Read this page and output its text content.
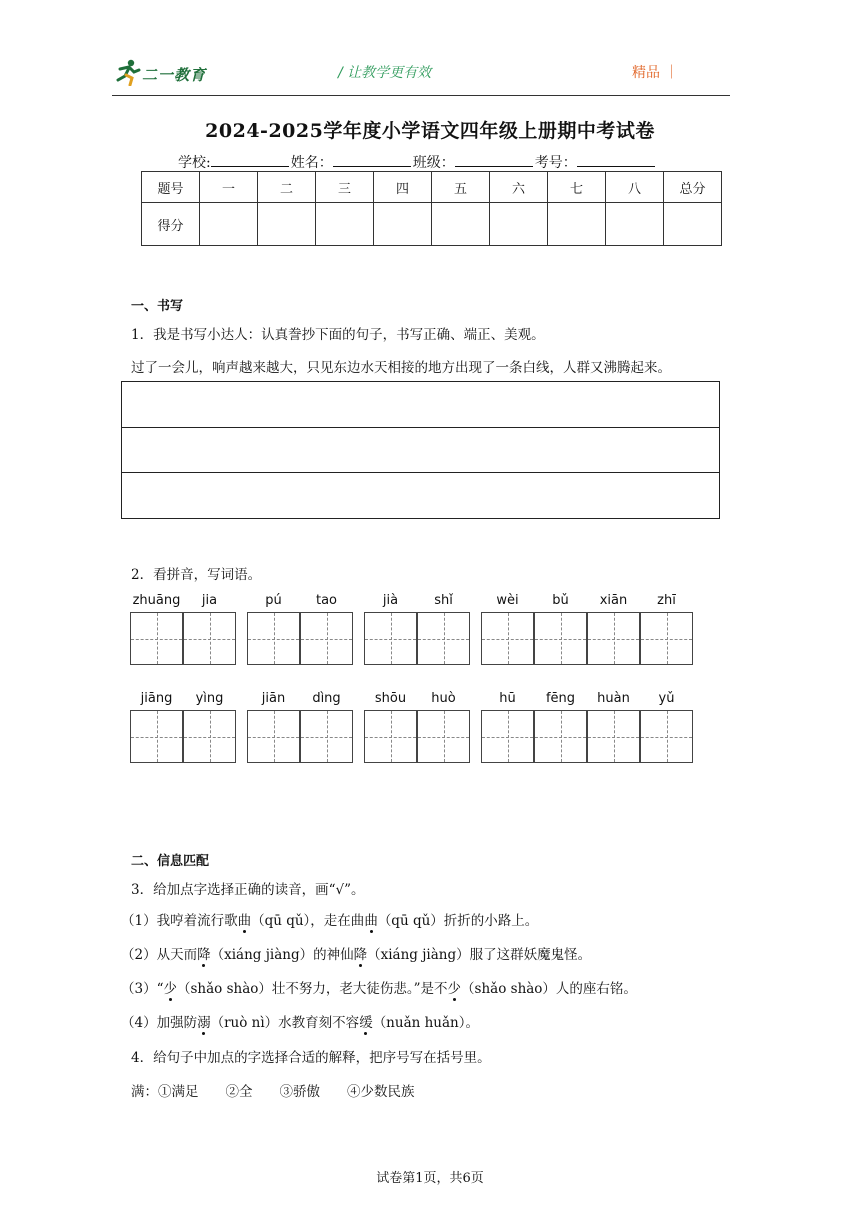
二一教育	/ 让教学更有效	精品 ｜
2024-2025学年度小学语文四年级上册期中考试卷
学校:	姓名：	班级：	考号：
题号	一	二	三	四	五	六	七	八	总分
得分									
一、书写
1．我是书写小达人：认真誊抄下面的句子，书写正确、端正、美观。
过了一会儿，响声越来越大，只见东边水天相接的地方出现了一条白线，人群又沸腾起来。
2．看拼音，写词语。
zhuāng	jia	pú	tao	jià	shǐ	wèi	bǔ	xiān	zhī
jiāng	yìng	jiān	dìng	shōu	huò	hū	fēng	huàn	yǔ
二、信息匹配
3．给加点字选择正确的读音，画“√”。
（1）我哼着流行歌曲（qū qǔ），走在曲曲（qū qǔ）折折的小路上。
（2）从天而降（xiáng jiàng）的神仙降（xiáng jiàng）服了这群妖魔鬼怪。
（3）“少（shǎo shào）壮不努力，老大徒伤悲。”是不少（shǎo shào）人的座右铭。
（4）加强防溺（ruò nì）水教育刻不容缓（nuǎn huǎn）。
4．给句子中加点的字选择合适的解释，把序号写在括号里。
满：①满足　　②全　　③骄傲　　④少数民族
试卷第1页，共6页
